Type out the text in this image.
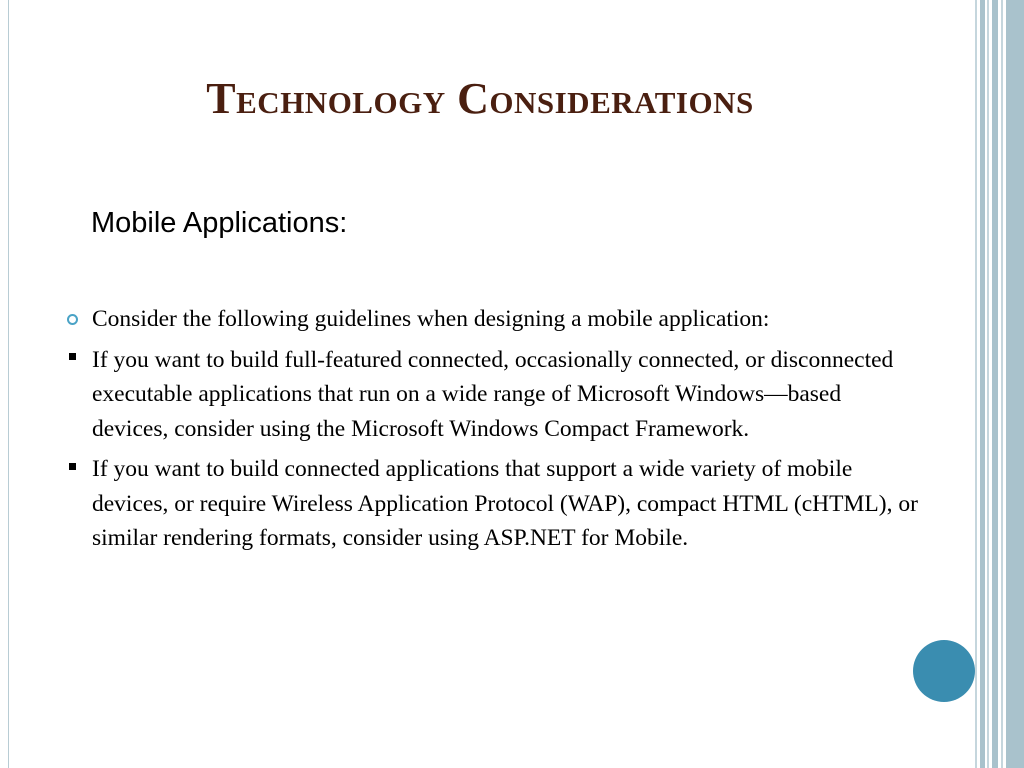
Technology Considerations
Mobile Applications:
Consider the following guidelines when designing a mobile application:
If you want to build full-featured connected, occasionally connected, or disconnected executable applications that run on a wide range of Microsoft Windows—based devices, consider using the Microsoft Windows Compact Framework.
If you want to build connected applications that support a wide variety of mobile devices, or require Wireless Application Protocol (WAP), compact HTML (cHTML), or similar rendering formats, consider using ASP.NET for Mobile.
